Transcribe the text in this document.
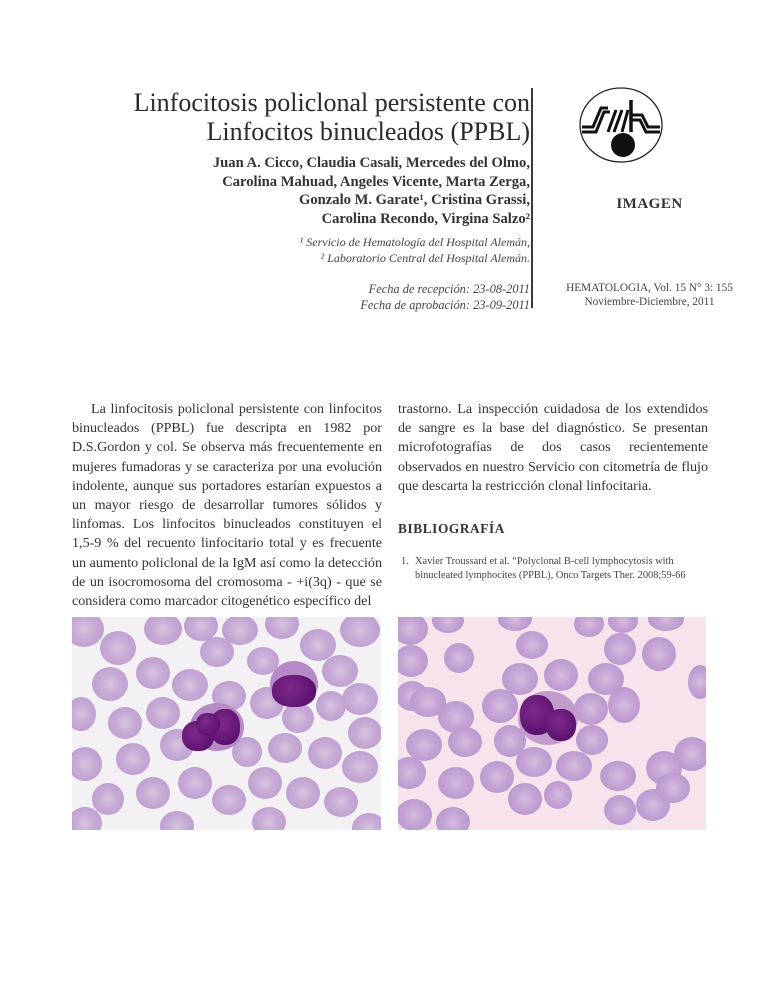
Linfocitosis policlonal persistente con
Linfocitos binucleados (PPBL)
Juan A. Cicco, Claudia Casali, Mercedes del Olmo,
Carolina Mahuad, Angeles Vicente, Marta Zerga,
Gonzalo M. Garate¹, Cristina Grassi,
Carolina Recondo, Virgina Salzo²
¹ Servicio de Hematología del Hospital Alemán,
² Laboratorio Central del Hospital Alemán.
Fecha de recepción: 23-08-2011
Fecha de aprobación: 23-09-2011
IMAGEN
HEMATOLOGIA, Vol. 15 N° 3: 155
Noviembre-Diciembre, 2011

La linfocitosis policlonal persistente con linfocitos binucleados (PPBL) fue descripta en 1982 por D.S.Gordon y col. Se observa más frecuentemente en mujeres fumadoras y se caracteriza por una evolución indolente, aunque sus portadores estarían expuestos a un mayor riesgo de desarrollar tumores sólidos y linfomas. Los linfocitos binucleados constituyen el 1,5-9 % del recuento linfocitario total y es frecuente un aumento policlonal de la IgM así como la detección de un isocromosoma del cromosoma - +i(3q) - que se considera como marcador citogenético específico del

trastorno. La inspección cuidadosa de los extendidos de sangre es la base del diagnóstico. Se presentan microfotografías de dos casos recientemente observados en nuestro Servicio con citometría de flujo que descarta la restricción clonal linfocitaria.

BIBLIOGRAFÍA
1. Xavier Troussard et al. “Polyclonal B-cell lymphocytosis with binucleated lymphocites (PPBL), Onco Targets Ther. 2008;59-66
